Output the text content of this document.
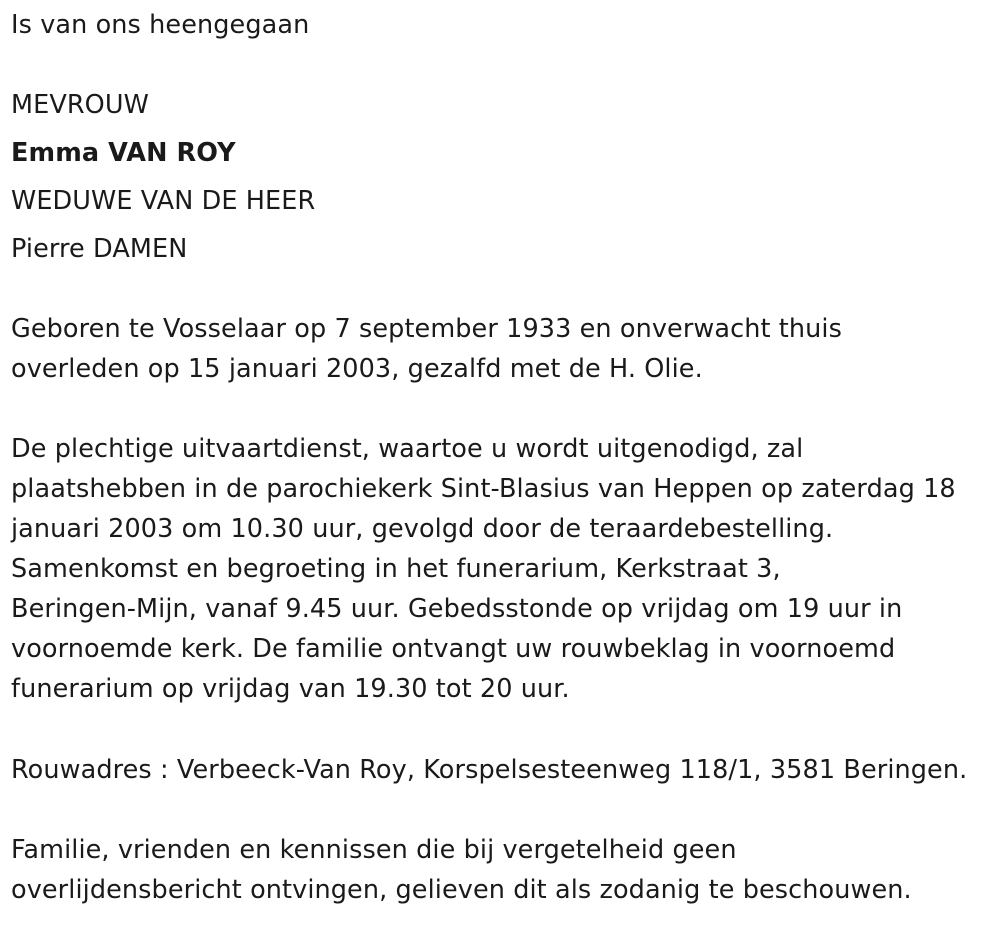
Is van ons heengegaan
MEVROUW
Emma VAN ROY
WEDUWE VAN DE HEER
Pierre DAMEN
Geboren te Vosselaar op 7 september 1933 en onverwacht thuis
overleden op 15 januari 2003, gezalfd met de H. Olie.
De plechtige uitvaartdienst, waartoe u wordt uitgenodigd, zal
plaatshebben in de parochiekerk Sint-Blasius van Heppen op zaterdag 18
januari 2003 om 10.30 uur, gevolgd door de teraardebestelling.
Samenkomst en begroeting in het funerarium, Kerkstraat 3,
Beringen-Mijn, vanaf 9.45 uur. Gebedsstonde op vrijdag om 19 uur in
voornoemde kerk. De familie ontvangt uw rouwbeklag in voornoemd
funerarium op vrijdag van 19.30 tot 20 uur.
Rouwadres : Verbeeck-Van Roy, Korspelsesteenweg 118/1, 3581 Beringen.
Familie, vrienden en kennissen die bij vergetelheid geen
overlijdensbericht ontvingen, gelieven dit als zodanig te beschouwen.
